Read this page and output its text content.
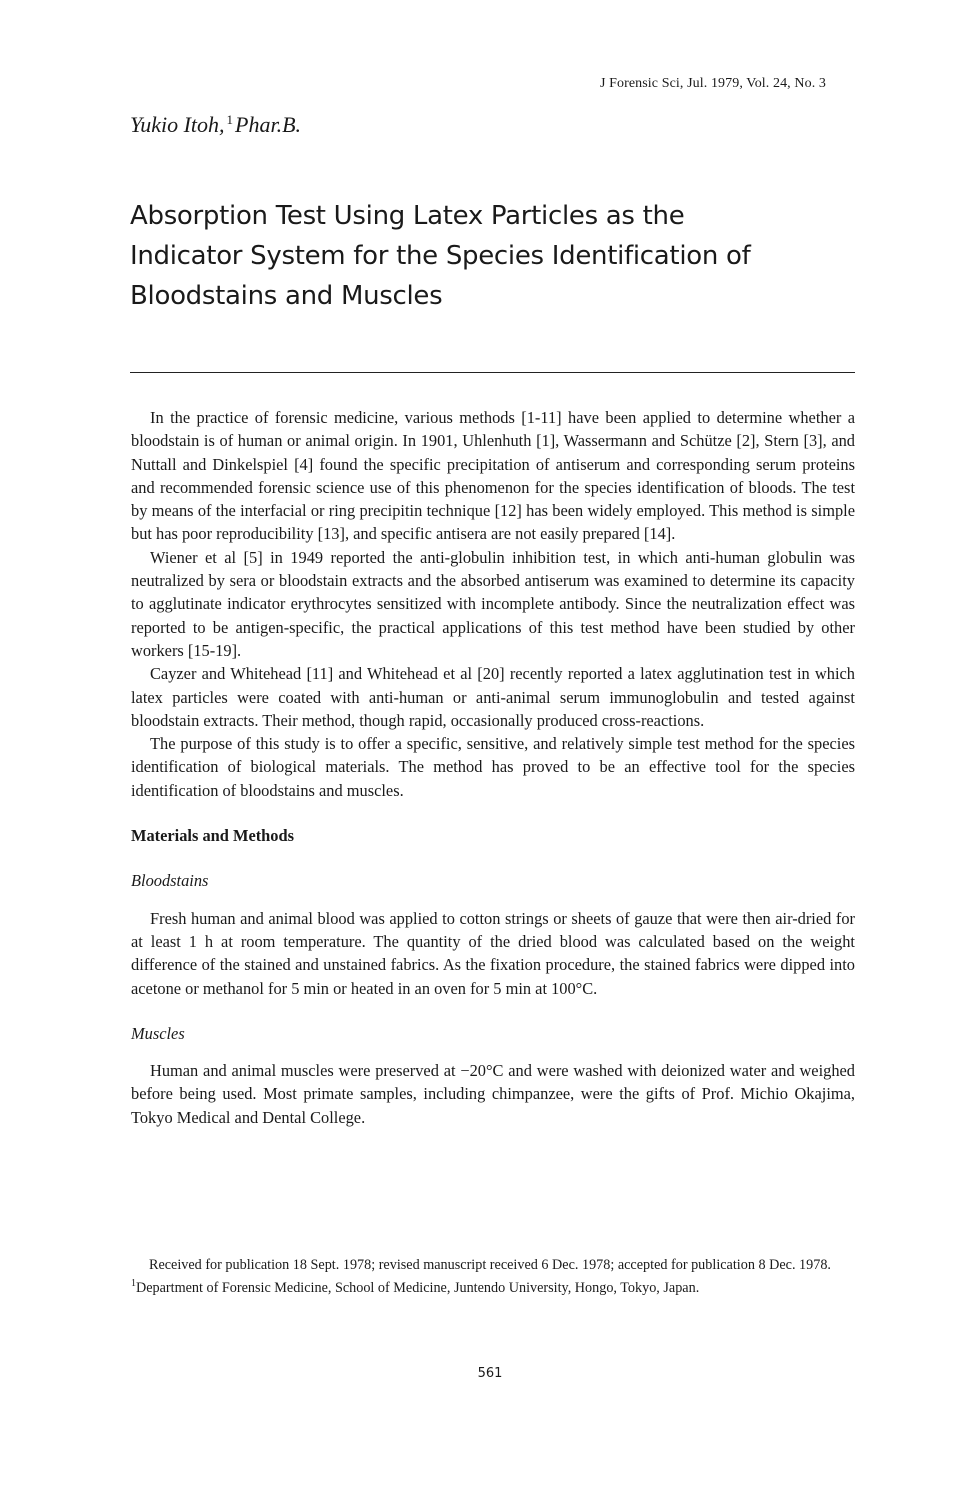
J Forensic Sci, Jul. 1979, Vol. 24, No. 3
Yukio Itoh, $^1$Phar.B.
Absorption Test Using Latex Particles as the
Indicator System for the Species Identification of
Bloodstains and Muscles

In the practice of forensic medicine, various methods [1-11] have been applied to determine whether a bloodstain is of human or animal origin. In 1901, Uhlenhuth [1], Wassermann and Schütze [2], Stern [3], and Nuttall and Dinkelspiel [4] found the specific precipitation of antiserum and corresponding serum proteins and recommended forensic science use of this phenomenon for the species identification of bloods. The test by means of the interfacial or ring precipitin technique [12] has been widely employed. This method is simple but has poor reproducibility [13], and specific antisera are not easily prepared [14].

Wiener et al [5] in 1949 reported the anti-globulin inhibition test, in which anti-human globulin was neutralized by sera or bloodstain extracts and the absorbed antiserum was examined to determine its capacity to agglutinate indicator erythrocytes sensitized with incomplete antibody. Since the neutralization effect was reported to be antigen-specific, the practical applications of this test method have been studied by other workers [15-19].

Cayzer and Whitehead [11] and Whitehead et al [20] recently reported a latex agglutination test in which latex particles were coated with anti-human or anti-animal serum immunoglobulin and tested against bloodstain extracts. Their method, though rapid, occasionally produced cross-reactions.

The purpose of this study is to offer a specific, sensitive, and relatively simple test method for the species identification of biological materials. The method has proved to be an effective tool for the species identification of bloodstains and muscles.

Materials and Methods
Bloodstains

Fresh human and animal blood was applied to cotton strings or sheets of gauze that were then air-dried for at least 1 h at room temperature. The quantity of the dried blood was calculated based on the weight difference of the stained and unstained fabrics. As the fixation procedure, the stained fabrics were dipped into acetone or methanol for 5 min or heated in an oven for 5 min at 100°C.

Muscles

Human and animal muscles were preserved at −20°C and were washed with deionized water and weighed before being used. Most primate samples, including chimpanzee, were the gifts of Prof. Michio Okajima, Tokyo Medical and Dental College.

Received for publication 18 Sept. 1978; revised manuscript received 6 Dec. 1978; accepted for publication 8 Dec. 1978.

$^1$Department of Forensic Medicine, School of Medicine, Juntendo University, Hongo, Tokyo, Japan.

561
